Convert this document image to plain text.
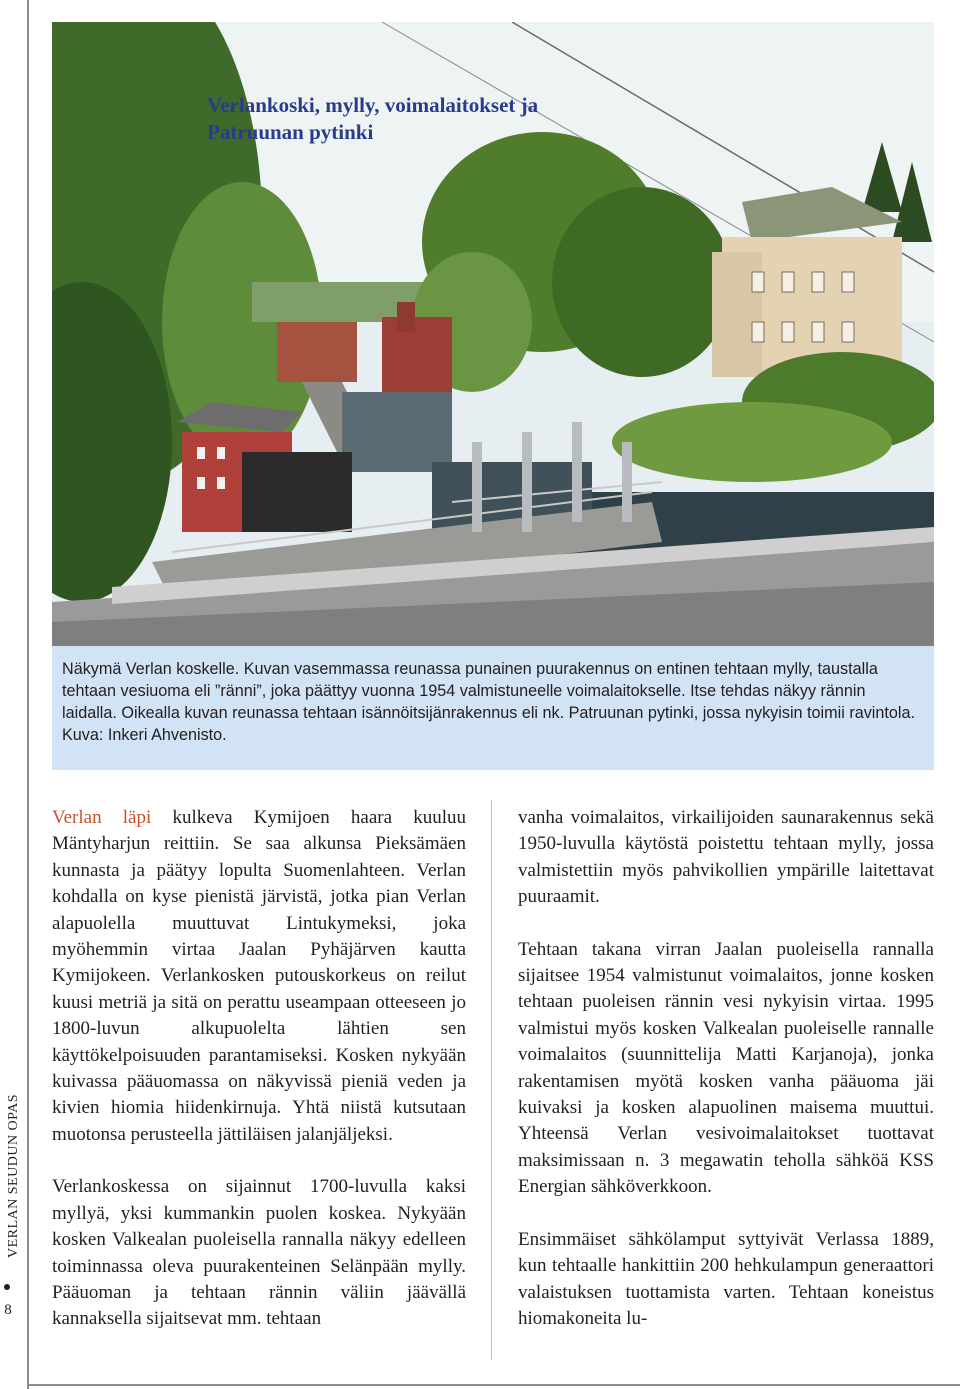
Verlankoski, mylly, voimalaitokset ja
Patruunan pytinki

Näkymä Verlan koskelle. Kuvan vasemmassa reunassa punainen puurakennus on entinen tehtaan mylly, taustalla tehtaan vesiuoma eli ”ränni”, joka päättyy vuonna 1954 valmistuneelle voimalaitokselle. Itse tehdas näkyy rännin laidalla. Oikealla kuvan reunassa tehtaan isännöitsijänrakennus eli nk. Patruunan pytinki, jossa nykyisin toimii ravintola. Kuva: Inkeri Ahvenisto.

Verlan läpi kulkeva Kymijoen haara kuuluu Mäntyharjun reittiin. Se saa alkunsa Pieksämäen kunnasta ja päätyy lopulta Suomenlahteen. Verlan kohdalla on kyse pienistä järvistä, jotka pian Verlan alapuolella muuttuvat Lintukymeksi, joka myöhemmin virtaa Jaalan Pyhäjärven kautta Kymijokeen. Verlankosken putouskorkeus on reilut kuusi metriä ja sitä on perattu useampaan otteeseen jo 1800-luvun alkupuolelta lähtien sen käyttökelpoisuuden parantamiseksi. Kosken nykyään kuivassa pääuomassa on näkyvissä pieniä veden ja kivien hiomia hiidenkirnuja. Yhtä niistä kutsutaan muotonsa perusteella jättiläisen jalanjäljeksi.

Verlankoskessa on sijainnut 1700-luvulla kaksi myllyä, yksi kummankin puolen koskea. Nykyään kosken Valkealan puoleisella rannalla näkyy edelleen toiminnassa oleva puurakenteinen Selänpään mylly. Pääuoman ja tehtaan rännin väliin jäävällä kannaksella sijaitsevat mm. tehtaan

vanha voimalaitos, virkailijoiden saunarakennus sekä 1950-luvulla käytöstä poistettu tehtaan mylly, jossa valmistettiin myös pahvikollien ympärille laitettavat puuraamit.

Tehtaan takana virran Jaalan puoleisella rannalla sijaitsee 1954 valmistunut voimalaitos, jonne kosken tehtaan puoleisen rännin vesi nykyisin virtaa. 1995 valmistui myös kosken Valkealan puoleiselle rannalle voimalaitos (suunnittelija Matti Karjanoja), jonka rakentamisen myötä kosken vanha pääuoma jäi kuivaksi ja kosken alapuolinen maisema muuttui. Yhteensä Verlan vesivoimalaitokset tuottavat maksimissaan n. 3 megawatin teholla sähköä KSS Energian sähköverkkoon.

Ensimmäiset sähkölamput syttyivät Verlassa 1889, kun tehtaalle hankittiin 200 hehkulampun generaattori valaistuksen tuottamista varten. Tehtaan koneistus hiomakoneita lu-

VERLAN SEUDUN OPAS
8
